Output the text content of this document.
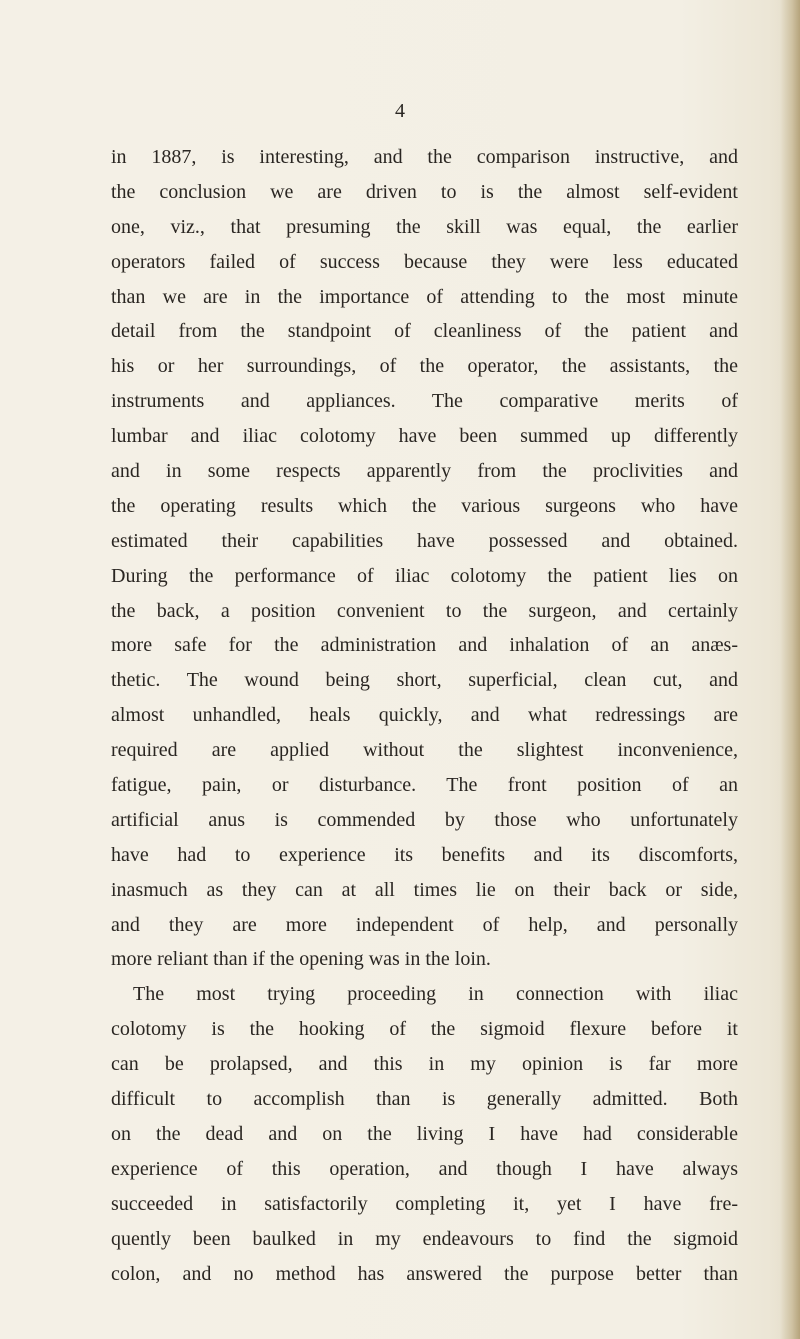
4

in 1887, is interesting, and the comparison instructive, and
the conclusion we are driven to is the almost self-evident
one, viz., that presuming the skill was equal, the earlier
operators failed of success because they were less educated
than we are in the importance of attending to the most minute
detail from the standpoint of cleanliness of the patient and
his or her surroundings, of the operator, the assistants, the
instruments and appliances. The comparative merits of
lumbar and iliac colotomy have been summed up differently
and in some respects apparently from the proclivities and
the operating results which the various surgeons who have
estimated their capabilities have possessed and obtained.
During the performance of iliac colotomy the patient lies on
the back, a position convenient to the surgeon, and certainly
more safe for the administration and inhalation of an anæs-
thetic. The wound being short, superficial, clean cut, and
almost unhandled, heals quickly, and what redressings are
required are applied without the slightest inconvenience,
fatigue, pain, or disturbance. The front position of an
artificial anus is commended by those who unfortunately
have had to experience its benefits and its discomforts,
inasmuch as they can at all times lie on their back or side,
and they are more independent of help, and personally
more reliant than if the opening was in the loin.
The most trying proceeding in connection with iliac
colotomy is the hooking of the sigmoid flexure before it
can be prolapsed, and this in my opinion is far more
difficult to accomplish than is generally admitted. Both
on the dead and on the living I have had considerable
experience of this operation, and though I have always
succeeded in satisfactorily completing it, yet I have fre-
quently been baulked in my endeavours to find the sigmoid
colon, and no method has answered the purpose better than
